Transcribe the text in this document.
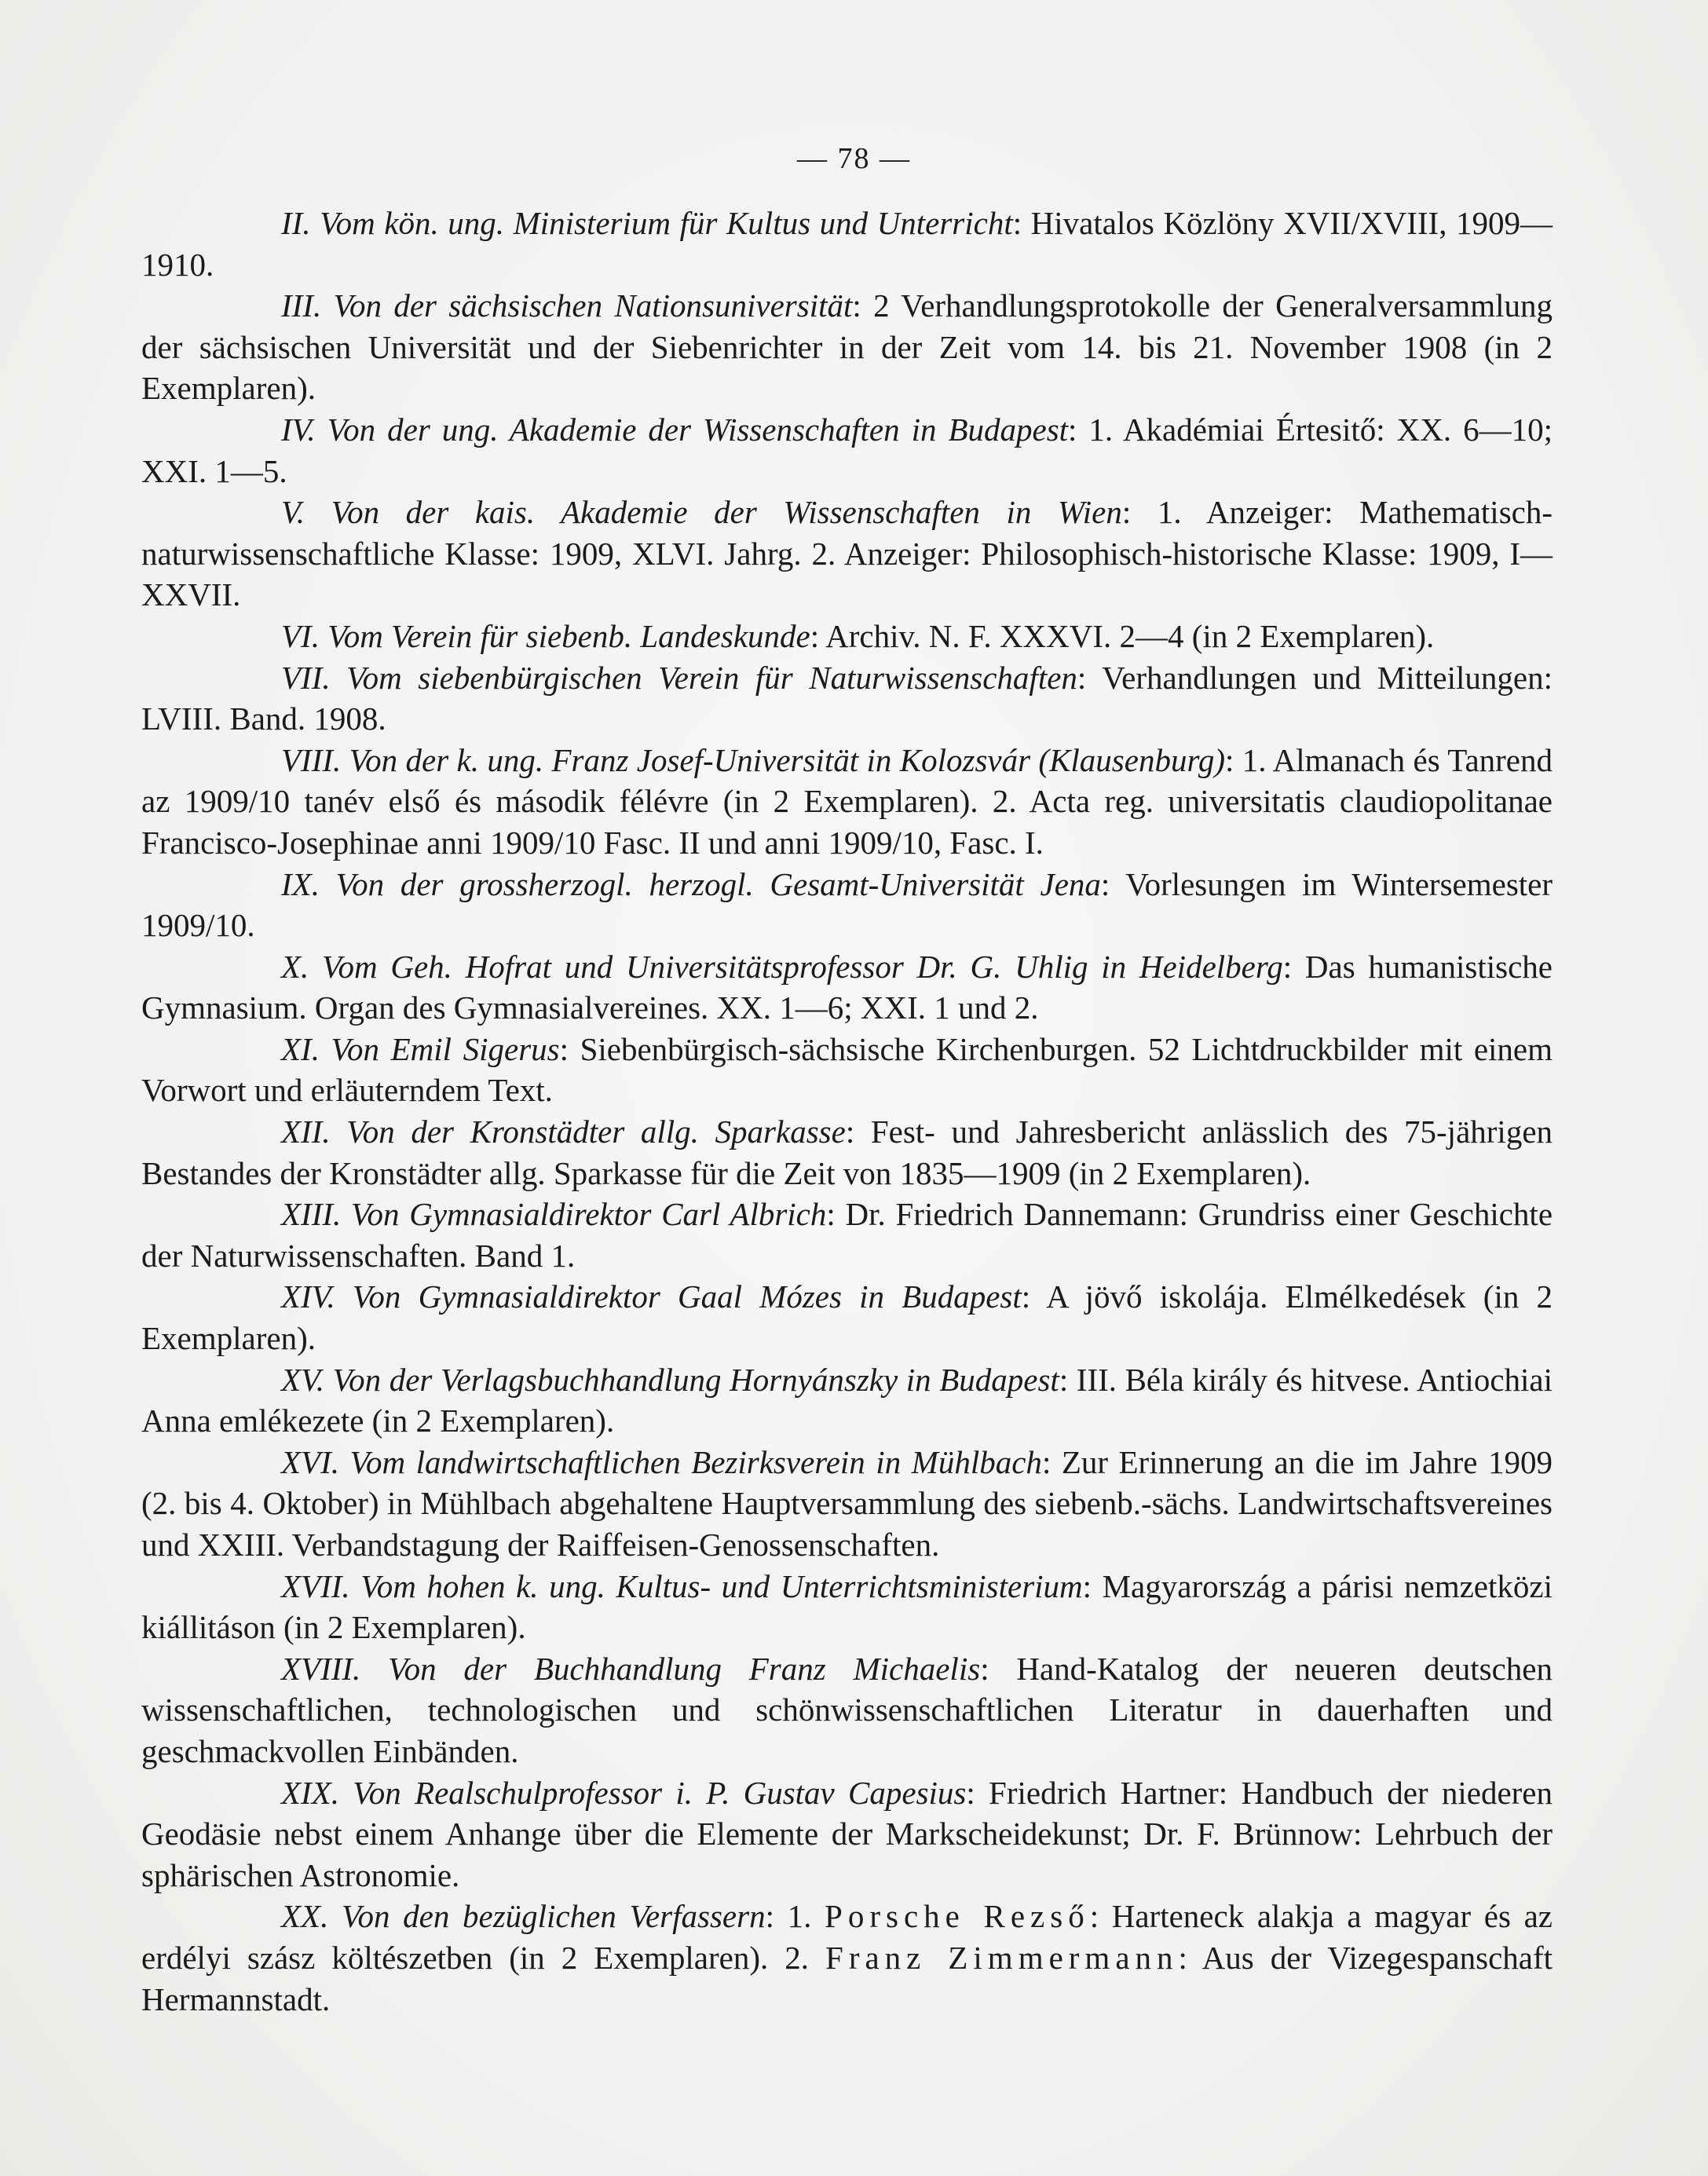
— 78 —

II. Vom kön. ung. Ministerium für Kultus und Unterricht: Hivatalos Közlöny XVII/XVIII, 1909—1910.

III. Von der sächsischen Nationsuniversität: 2 Verhandlungsprotokolle der Generalversammlung der sächsischen Universität und der Siebenrichter in der Zeit vom 14. bis 21. November 1908 (in 2 Exemplaren).

IV. Von der ung. Akademie der Wissenschaften in Budapest: 1. Akadémiai Értesitő: XX. 6—10; XXI. 1—5.

V. Von der kais. Akademie der Wissenschaften in Wien: 1. Anzeiger: Mathematisch-naturwissenschaftliche Klasse: 1909, XLVI. Jahrg. 2. Anzeiger: Philosophisch-historische Klasse: 1909, I—XXVII.

VI. Vom Verein für siebenb. Landeskunde: Archiv. N. F. XXXVI. 2—4 (in 2 Exemplaren).

VII. Vom siebenbürgischen Verein für Naturwissenschaften: Verhandlungen und Mitteilungen: LVIII. Band. 1908.

VIII. Von der k. ung. Franz Josef-Universität in Kolozsvár (Klausenburg): 1. Almanach és Tanrend az 1909/10 tanév első és második félévre (in 2 Exemplaren). 2. Acta reg. universitatis claudiopolitanae Francisco-Josephinae anni 1909/10 Fasc. II und anni 1909/10, Fasc. I.

IX. Von der grossherzogl. herzogl. Gesamt-Universität Jena: Vorlesungen im Wintersemester 1909/10.

X. Vom Geh. Hofrat und Universitätsprofessor Dr. G. Uhlig in Heidelberg: Das humanistische Gymnasium. Organ des Gymnasialvereines. XX. 1—6; XXI. 1 und 2.

XI. Von Emil Sigerus: Siebenbürgisch-sächsische Kirchenburgen. 52 Lichtdruckbilder mit einem Vorwort und erläuterndem Text.

XII. Von der Kronstädter allg. Sparkasse: Fest- und Jahresbericht anlässlich des 75-jährigen Bestandes der Kronstädter allg. Sparkasse für die Zeit von 1835—1909 (in 2 Exemplaren).

XIII. Von Gymnasialdirektor Carl Albrich: Dr. Friedrich Dannemann: Grundriss einer Geschichte der Naturwissenschaften. Band 1.

XIV. Von Gymnasialdirektor Gaal Mózes in Budapest: A jövő iskolája. Elmélkedések (in 2 Exemplaren).

XV. Von der Verlagsbuchhandlung Hornyánszky in Budapest: III. Béla király és hitvese. Antiochiai Anna emlékezete (in 2 Exemplaren).

XVI. Vom landwirtschaftlichen Bezirksverein in Mühlbach: Zur Erinnerung an die im Jahre 1909 (2. bis 4. Oktober) in Mühlbach abgehaltene Hauptversammlung des siebenb.-sächs. Landwirtschaftsvereines und XXIII. Verbandstagung der Raiffeisen-Genossenschaften.

XVII. Vom hohen k. ung. Kultus- und Unterrichtsministerium: Magyarország a párisi nemzetközi kiállitáson (in 2 Exemplaren).

XVIII. Von der Buchhandlung Franz Michaelis: Hand-Katalog der neueren deutschen wissenschaftlichen, technologischen und schönwissenschaftlichen Literatur in dauerhaften und geschmackvollen Einbänden.

XIX. Von Realschulprofessor i. P. Gustav Capesius: Friedrich Hartner: Handbuch der niederen Geodäsie nebst einem Anhange über die Elemente der Markscheidekunst; Dr. F. Brünnow: Lehrbuch der sphärischen Astronomie.

XX. Von den bezüglichen Verfassern: 1. Porsche Rezső: Harteneck alakja a magyar és az erdélyi szász költészetben (in 2 Exemplaren). 2. Franz Zimmermann: Aus der Vizegespanschaft Hermannstadt.
